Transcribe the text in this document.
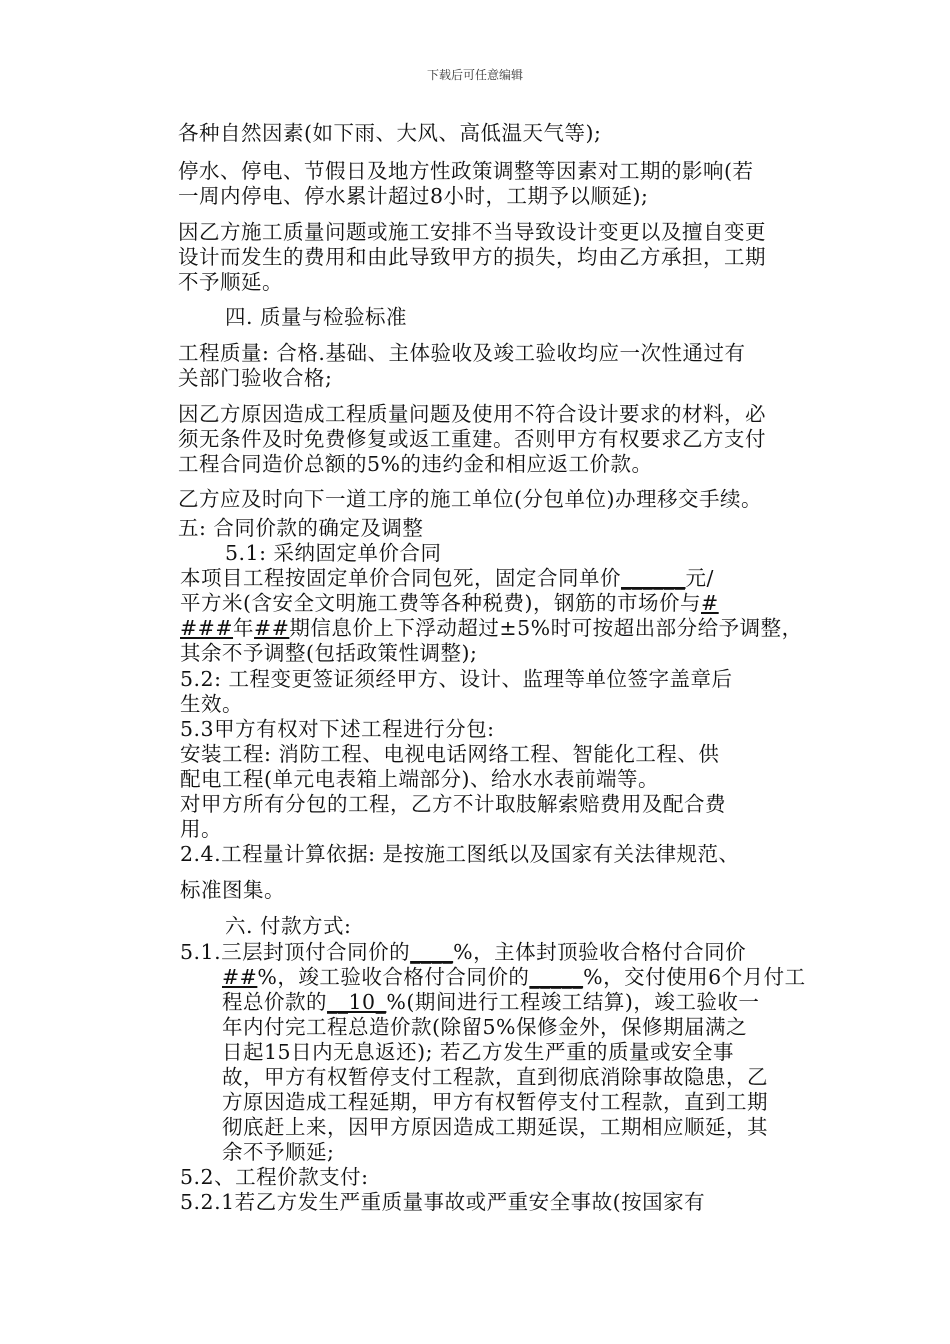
下载后可任意编辑
各种自然因素(如下雨、大风、高低温天气等);
停水、停电、节假日及地方性政策调整等因素对工期的影响(若
一周内停电、停水累计超过8小时，工期予以顺延);
因乙方施工质量问题或施工安排不当导致设计变更以及擅自变更
设计而发生的费用和由此导致甲方的损失，均由乙方承担，工期
不予顺延。
四. 质量与检验标准
工程质量: 合格.基础、主体验收及竣工验收均应一次性通过有
关部门验收合格;
因乙方原因造成工程质量问题及使用不符合设计要求的材料，必
须无条件及时免费修复或返工重建。否则甲方有权要求乙方支付
工程合同造价总额的5%的违约金和相应返工价款。
乙方应及时向下一道工序的施工单位(分包单位)办理移交手续。
五: 合同价款的确定及调整
5.1: 采纳固定单价合同
本项目工程按固定单价合同包死，固定合同单价______元/
平方米(含安全文明施工费等各种税费)，钢筋的市场价与#
###年##期信息价上下浮动超过±5%时可按超出部分给予调整，
其余不予调整(包括政策性调整);
5.2: 工程变更签证须经甲方、设计、监理等单位签字盖章后
生效。
5.3甲方有权对下述工程进行分包:
安装工程: 消防工程、电视电话网络工程、智能化工程、供
配电工程(单元电表箱上端部分)、给水水表前端等。
对甲方所有分包的工程，乙方不计取肢解索赔费用及配合费
用。
2.4.工程量计算依据: 是按施工图纸以及国家有关法律规范、
标准图集。
六. 付款方式:
5.1.三层封顶付合同价的____%，主体封顶验收合格付合同价
##%，竣工验收合格付合同价的_____%，交付使用6个月付工
程总价款的__10_%(期间进行工程竣工结算)，竣工验收一
年内付完工程总造价款(除留5%保修金外，保修期届满之
日起15日内无息返还); 若乙方发生严重的质量或安全事
故，甲方有权暂停支付工程款，直到彻底消除事故隐患，乙
方原因造成工程延期，甲方有权暂停支付工程款，直到工期
彻底赶上来，因甲方原因造成工期延误，工期相应顺延，其
余不予顺延;
5.2、工程价款支付:
5.2.1若乙方发生严重质量事故或严重安全事故(按国家有
